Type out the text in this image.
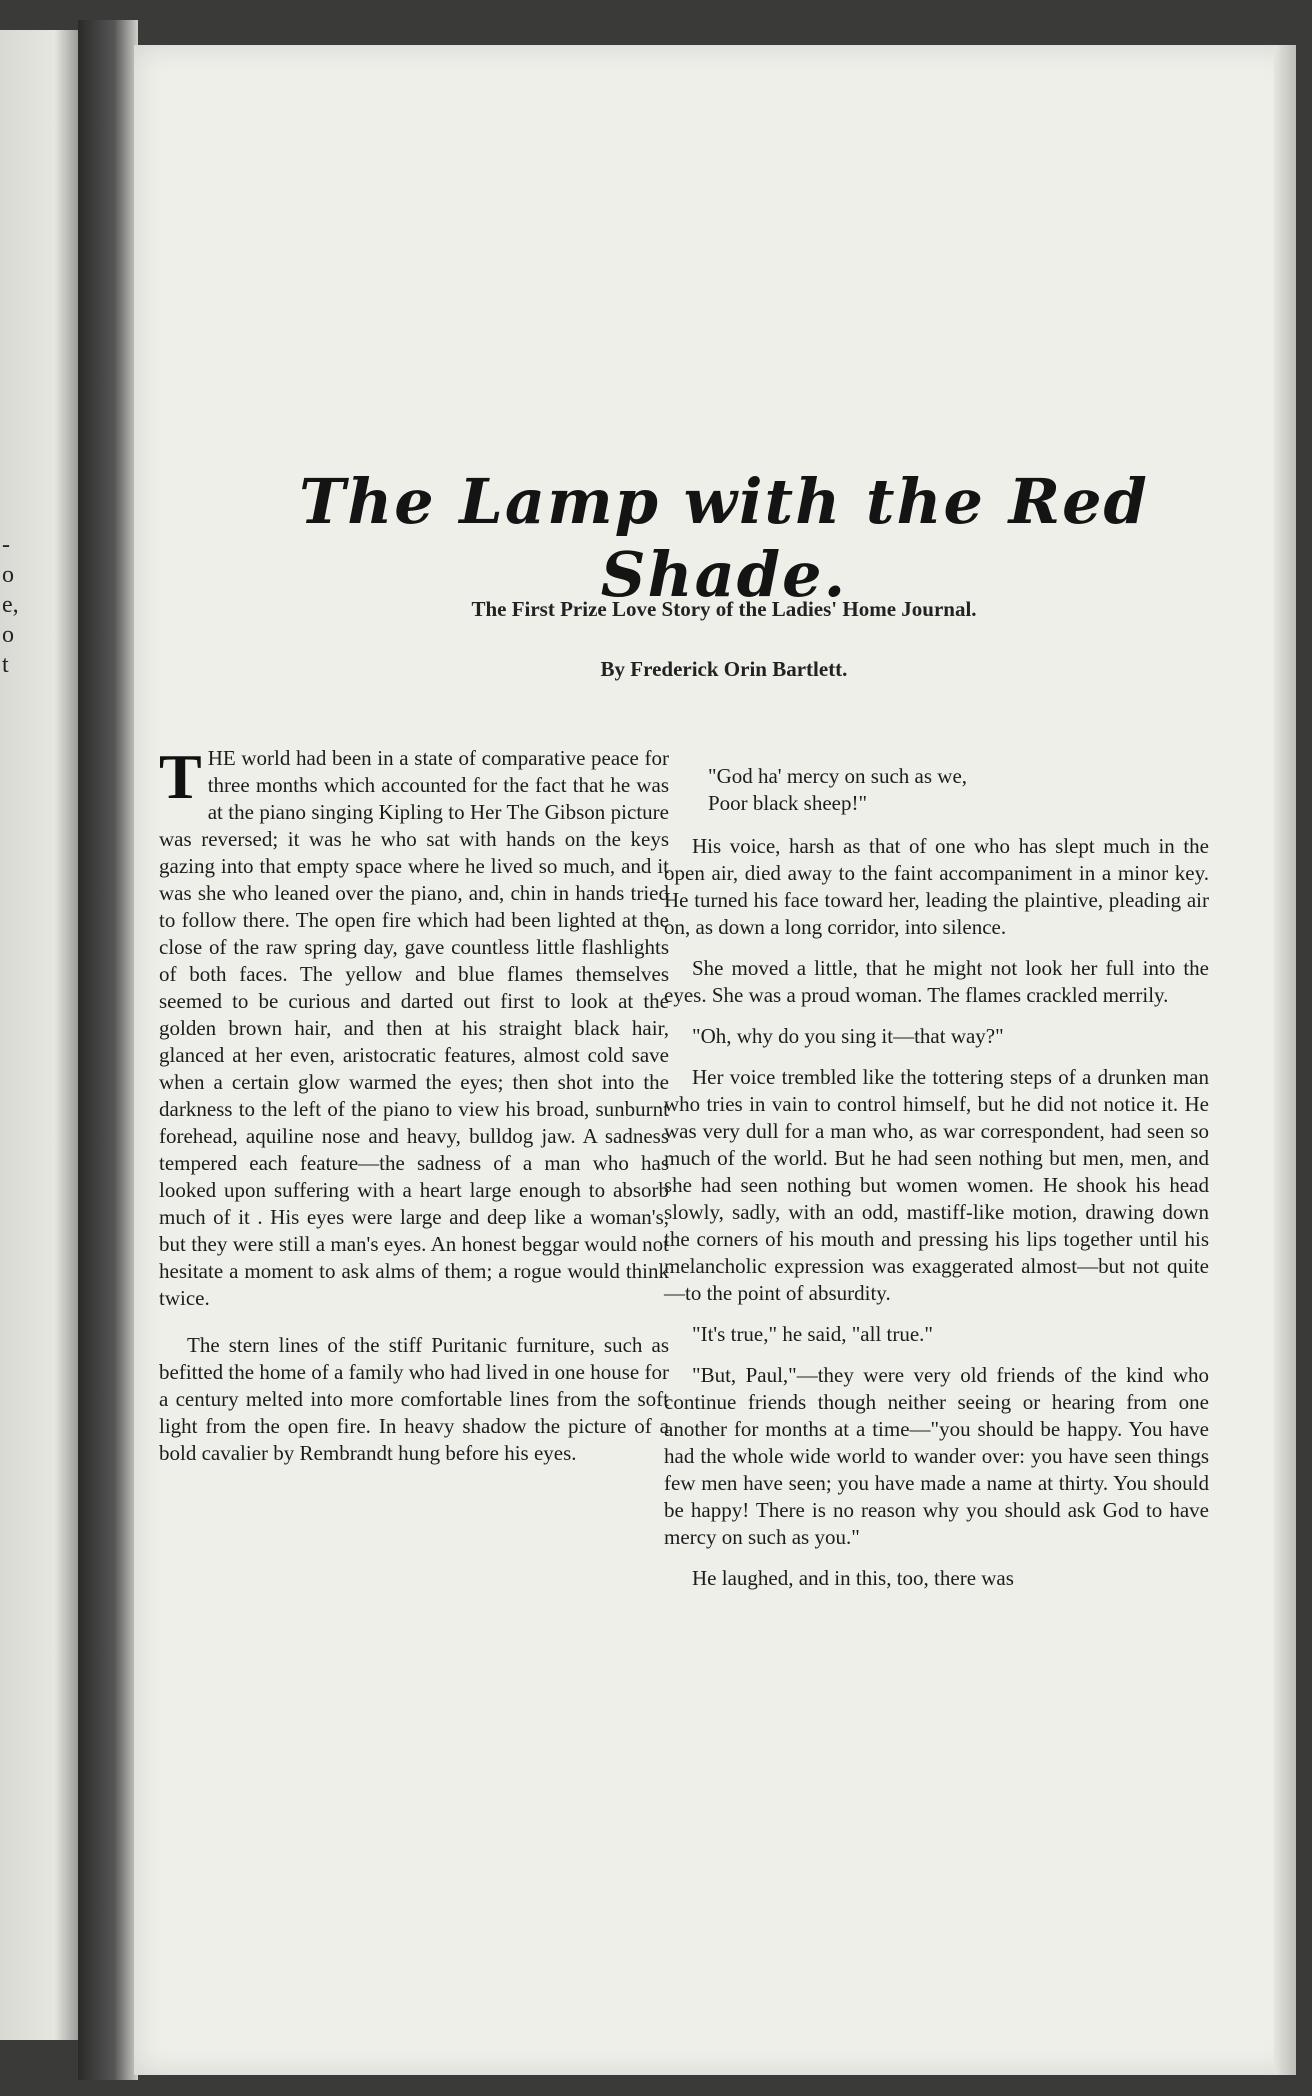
-
o
e,
o
t
The Lamp with the Red Shade.
The First Prize Love Story of the Ladies' Home Journal.
By Frederick Orin Bartlett.

THE world had been in a state of comparative peace for three months which accounted for the fact that he was at the piano singing Kipling to Her The Gibson picture was reversed; it was he who sat with hands on the keys gazing into that empty space where he lived so much, and it was she who leaned over the piano, and, chin in hands tried to follow there. The open fire which had been lighted at the close of the raw spring day, gave countless little flashlights of both faces. The yellow and blue flames themselves seemed to be curious and darted out first to look at the golden brown hair, and then at his straight black hair, glanced at her even, aristocratic features, almost cold save when a certain glow warmed the eyes; then shot into the darkness to the left of the piano to view his broad, sunburnt forehead, aquiline nose and heavy, bulldog jaw. A sadness tempered each feature—the sadness of a man who has looked upon suffering with a heart large enough to absorb much of it . His eyes were large and deep like a woman's, but they were still a man's eyes. An honest beggar would not hesitate a moment to ask alms of them; a rogue would think twice.

The stern lines of the stiff Puritanic furniture, such as befitted the home of a family who had lived in one house for a century melted into more comfortable lines from the soft light from the open fire. In heavy shadow the picture of a bold cavalier by Rembrandt hung before his eyes.

"God ha' mercy on such as we,
Poor black sheep!"

His voice, harsh as that of one who has slept much in the open air, died away to the faint accompaniment in a minor key. He turned his face toward her, leading the plaintive, pleading air on, as down a long corridor, into silence.

She moved a little, that he might not look her full into the eyes. She was a proud woman. The flames crackled merrily.

"Oh, why do you sing it—that way?"

Her voice trembled like the tottering steps of a drunken man who tries in vain to control himself, but he did not notice it. He was very dull for a man who, as war correspondent, had seen so much of the world. But he had seen nothing but men, men, and she had seen nothing but women women. He shook his head slowly, sadly, with an odd, mastiff-like motion, drawing down the corners of his mouth and pressing his lips together until his melancholic expression was exaggerated almost—but not quite—to the point of absurdity.

"It's true," he said, "all true."

"But, Paul,"—they were very old friends of the kind who continue friends though neither seeing or hearing from one another for months at a time—"you should be happy. You have had the whole wide world to wander over: you have seen things few men have seen; you have made a name at thirty. You should be happy! There is no reason why you should ask God to have mercy on such as you."

He laughed, and in this, too, there was
